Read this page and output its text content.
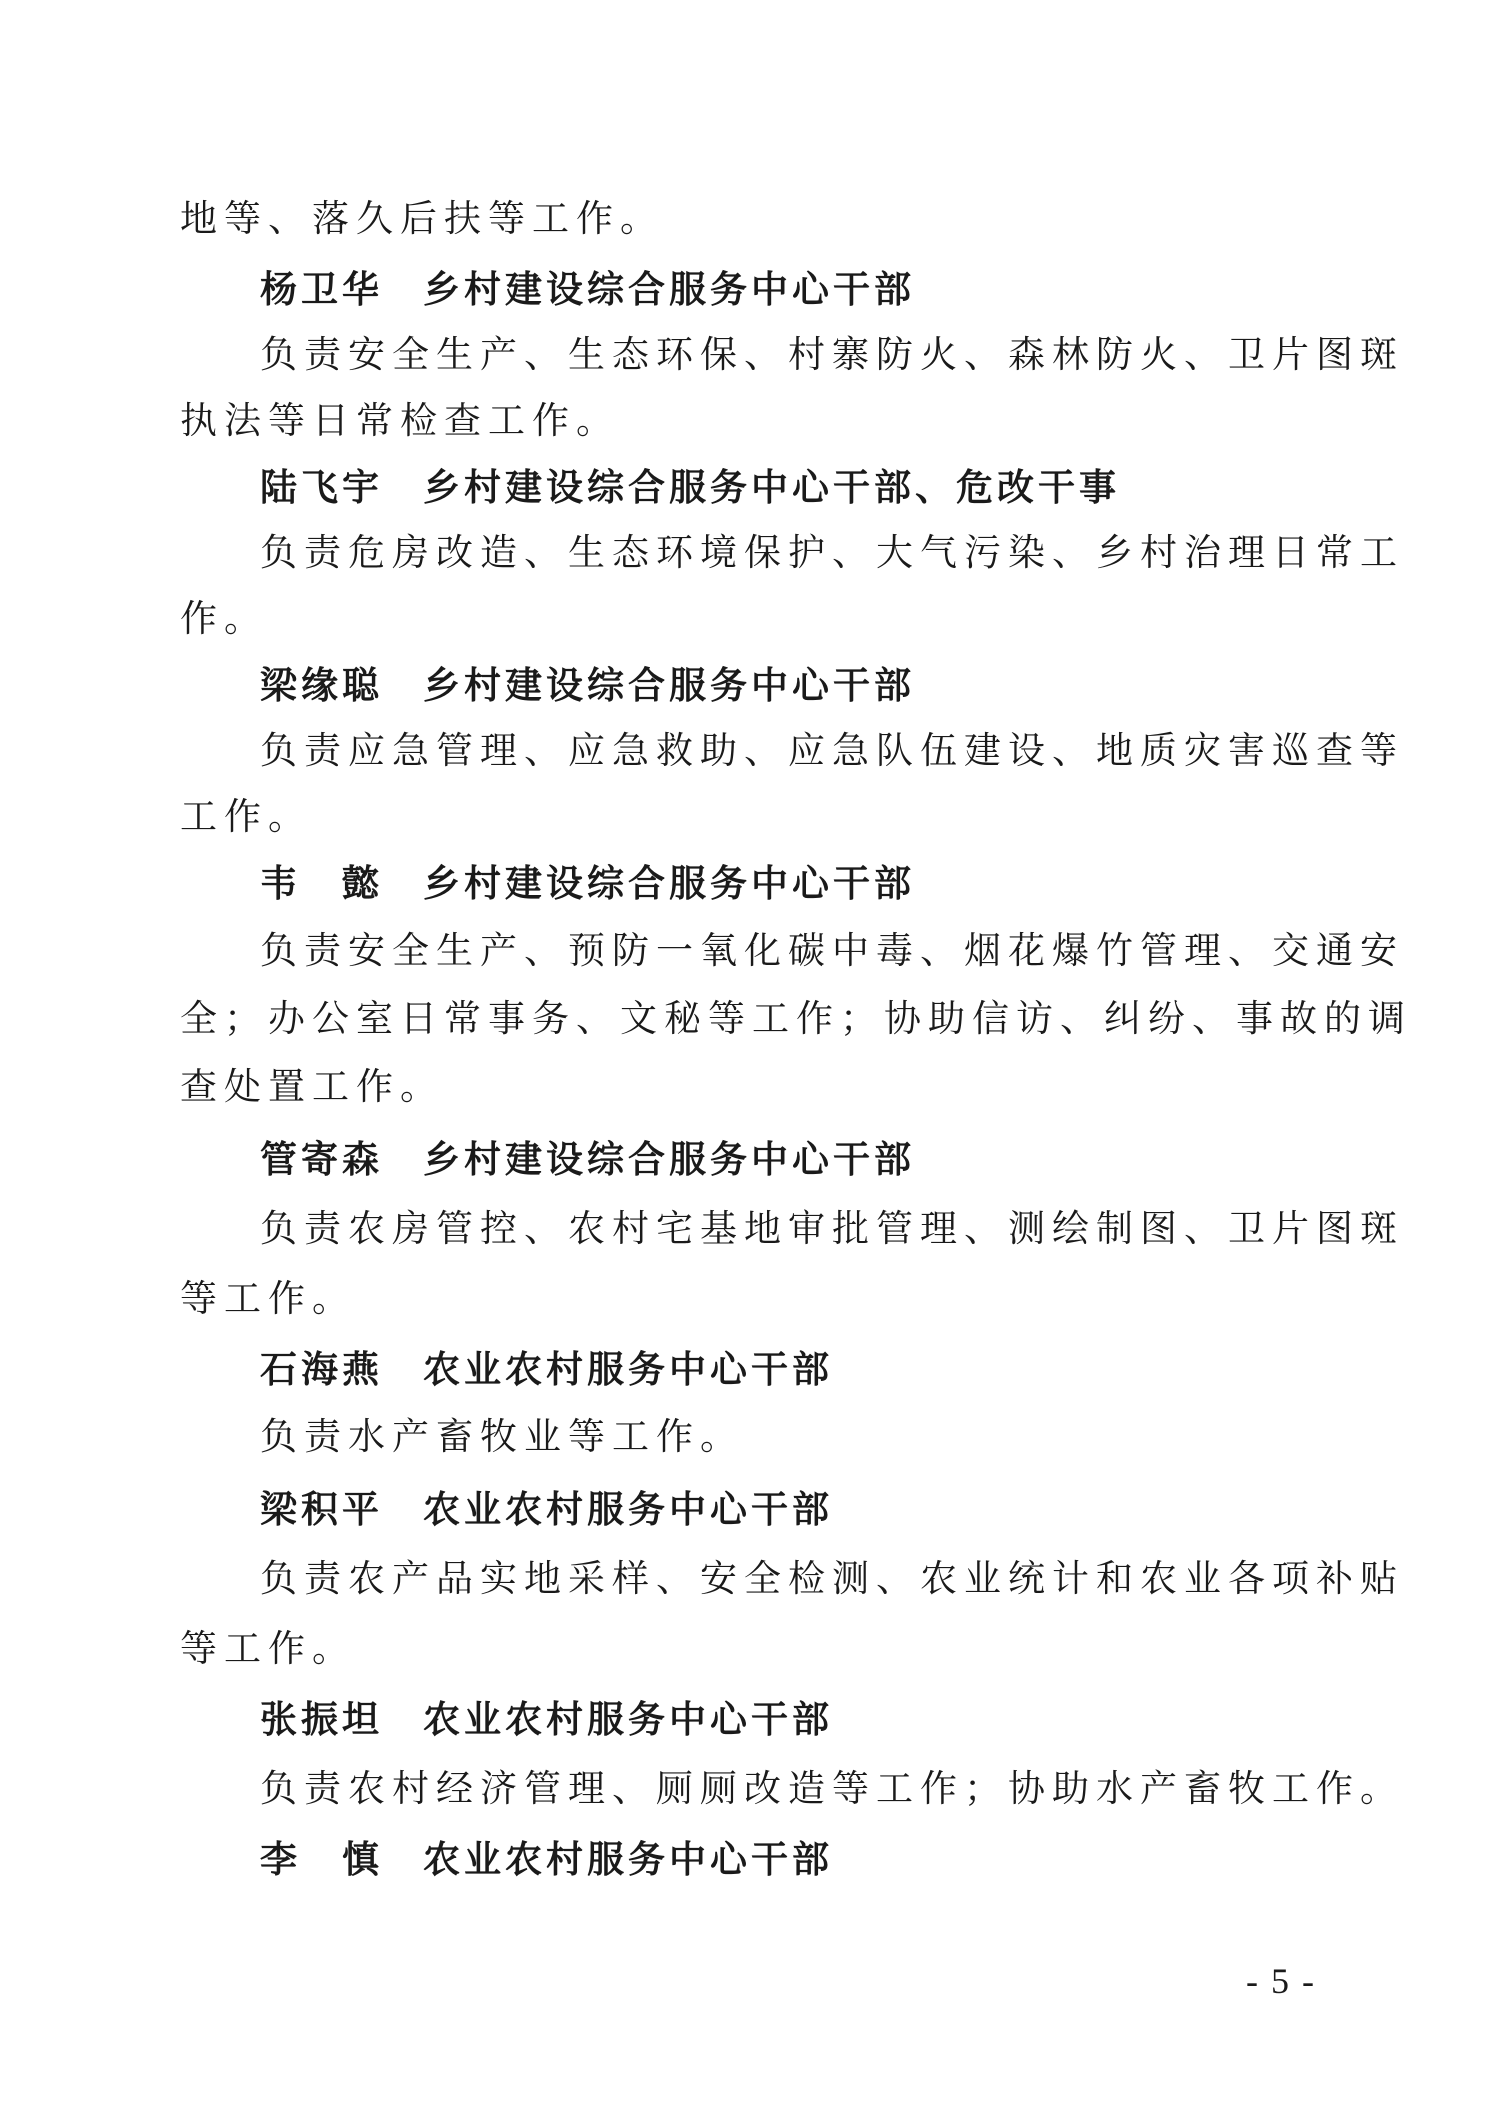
地等、落久后扶等工作。
杨卫华 乡村建设综合服务中心干部
负责安全生产、生态环保、村寨防火、森林防火、卫片图斑
执法等日常检查工作。
陆飞宇 乡村建设综合服务中心干部、危改干事
负责危房改造、生态环境保护、大气污染、乡村治理日常工
作。
梁缘聪 乡村建设综合服务中心干部
负责应急管理、应急救助、应急队伍建设、地质灾害巡查等
工作。
韦　懿 乡村建设综合服务中心干部
负责安全生产、预防一氧化碳中毒、烟花爆竹管理、交通安
全；办公室日常事务、文秘等工作；协助信访、纠纷、事故的调
查处置工作。
管寄森 乡村建设综合服务中心干部
负责农房管控、农村宅基地审批管理、测绘制图、卫片图斑
等工作。
石海燕 农业农村服务中心干部
负责水产畜牧业等工作。
梁积平 农业农村服务中心干部
负责农产品实地采样、安全检测、农业统计和农业各项补贴
等工作。
张振坦 农业农村服务中心干部
负责农村经济管理、厕厕改造等工作；协助水产畜牧工作。
李　慎 农业农村服务中心干部
- 5 -
